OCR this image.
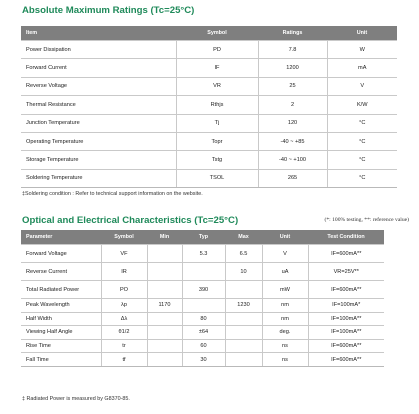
Absolute Maximum Ratings (Tc=25°C)
Item	Symbol	Ratings	Unit
Power Dissipation	PD	7.8	W
Forward Current	IF	1200	mA
Reverse Voltage	VR	25	V
Thermal Resistance	Rthjs	2	K/W
Junction Temperature	Tj	120	°C
Operating Temperature	Topr	-40 ~ +85	°C
Storage Temperature	Tstg	-40 ~ +100	°C
Soldering Temperature	TSOL	265	°C
‡Soldering condition : Refer to technical support information on the website.
Optical and Electrical Characteristics (Tc=25°C)	(*: 100% testing, **: reference value)
Parameter	Symbol	Min	Typ	Max	Unit	Test Condition
Forward Voltage	VF		5.3	6.5	V	IF=600mA**
Reverse Current	IR			10	uA	VR=25V**
Total Radiated Power	PO		390		mW	IF=600mA**
Peak Wavelength	λp	1170		1230	nm	IF=100mA*
Half Width	Δλ		80		nm	IF=100mA**
Viewing Half Angle	θ1/2		±64		deg.	IF=100mA**
Rise Time	tr		60		ns	IF=600mA**
Fall Time	tf		30		ns	IF=600mA**
‡ Radiated Power is measured by G8370-85.
